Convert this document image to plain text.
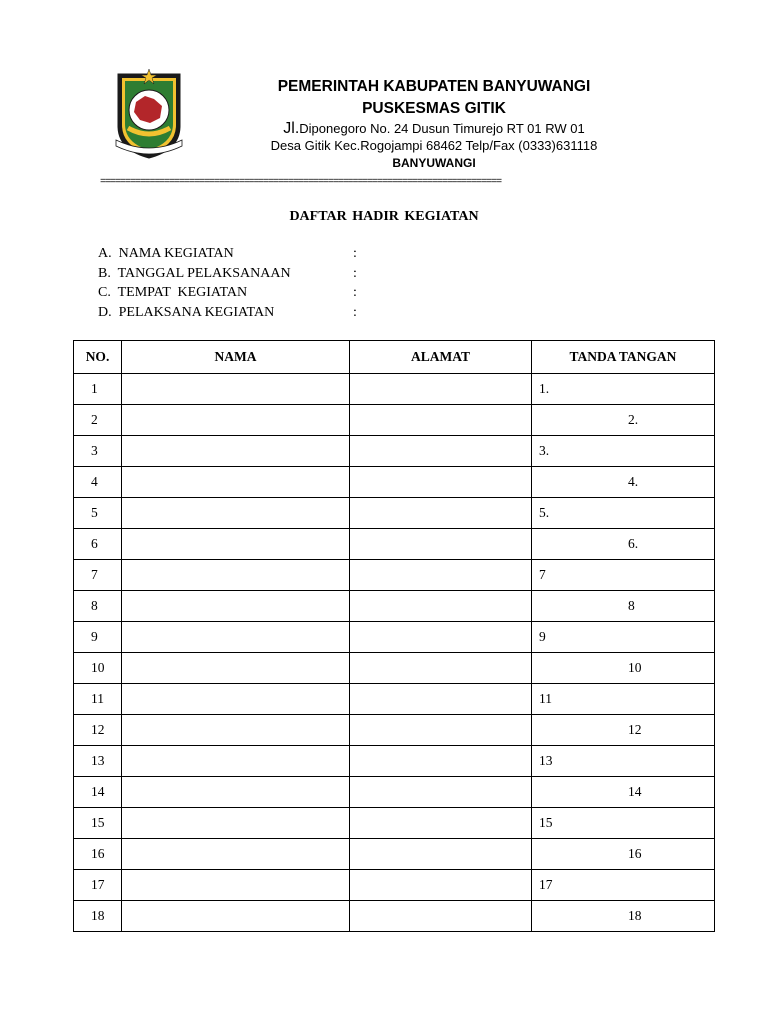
PEMERINTAH KABUPATEN BANYUWANGI
PUSKESMAS GITIK
Jl.Diponegoro No. 24 Dusun Timurejo RT 01 RW 01
Desa Gitik Kec.Rogojampi 68462 Telp/Fax (0333)631118
BANYUWANGI
=================================================================================
DAFTAR HADIR KEGIATAN
A.  NAMA KEGIATAN	:
B.  TANGGAL PELAKSANAAN	:
C.  TEMPAT  KEGIATAN	:
D.  PELAKSANA KEGIATAN	:
NO.	NAMA	ALAMAT	TANDA TANGAN
1			1.
2			2.
3			3.
4			4.
5			5.
6			6.
7			7
8			8
9			9
10			10
11			11
12			12
13			13
14			14
15			15
16			16
17			17
18			18
